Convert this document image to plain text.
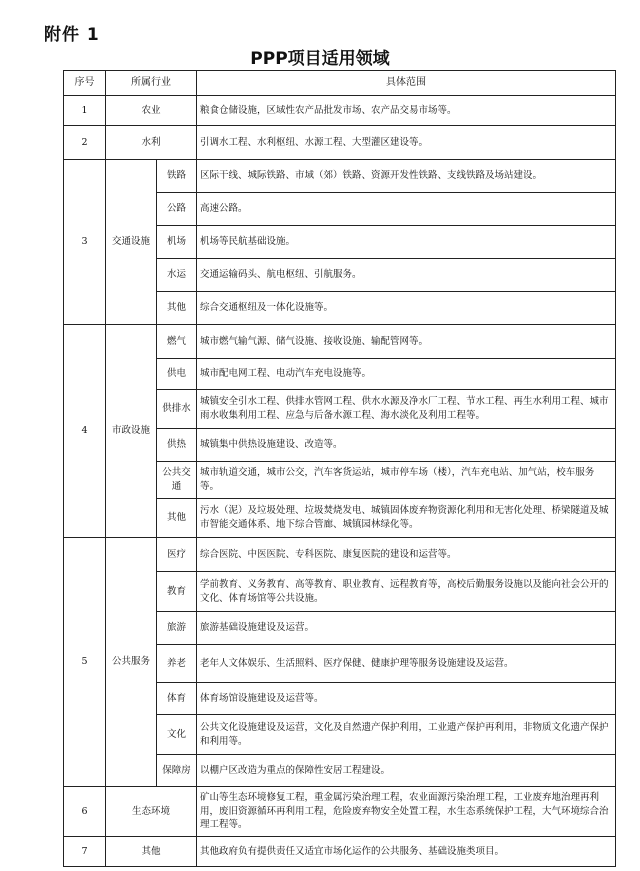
附件 1
PPP项目适用领域
序号	所属行业		具体范围
1	农业		粮食仓储设施，区域性农产品批发市场、农产品交易市场等。
2	水利		引调水工程、水利枢纽、水源工程、大型灌区建设等。
3	交通设施	铁路	区际干线、城际铁路、市域（郊）铁路、资源开发性铁路、支线铁路及场站建设。
		公路	高速公路。
		机场	机场等民航基础设施。
		水运	交通运输码头、航电枢纽、引航服务。
		其他	综合交通枢纽及一体化设施等。
4	市政设施	燃气	城市燃气输气源、储气设施、接收设施、输配管网等。
		供电	城市配电网工程、电动汽车充电设施等。
		供排水	城镇安全引水工程、供排水管网工程、供水水源及净水厂工程、节水工程、再生水利用工程、城市雨水收集利用工程、应急与后备水源工程、海水淡化及利用工程等。
		供热	城镇集中供热设施建设、改造等。
		公共交通	城市轨道交通，城市公交，汽车客货运站，城市停车场（楼），汽车充电站、加气站，校车服务等。
		其他	污水（泥）及垃圾处理、垃圾焚烧发电、城镇固体废弃物资源化利用和无害化处理、桥梁隧道及城市智能交通体系、地下综合管廊、城镇园林绿化等。
5	公共服务	医疗	综合医院、中医医院、专科医院、康复医院的建设和运营等。
		教育	学前教育、义务教育、高等教育、职业教育、远程教育等，高校后勤服务设施以及能向社会公开的文化、体育场馆等公共设施。
		旅游	旅游基础设施建设及运营。
		养老	老年人文体娱乐、生活照料、医疗保健、健康护理等服务设施建设及运营。
		体育	体育场馆设施建设及运营等。
		文化	公共文化设施建设及运营，文化及自然遗产保护利用，工业遗产保护再利用，非物质文化遗产保护和利用等。
		保障房	以棚户区改造为重点的保障性安居工程建设。
6	生态环境		矿山等生态环境修复工程，重金属污染治理工程，农业面源污染治理工程，工业废弃地治理再利用，废旧资源循环再利用工程，危险废弃物安全处置工程，水生态系统保护工程，大气环境综合治理工程等。
7	其他		其他政府负有提供责任又适宜市场化运作的公共服务、基础设施类项目。
